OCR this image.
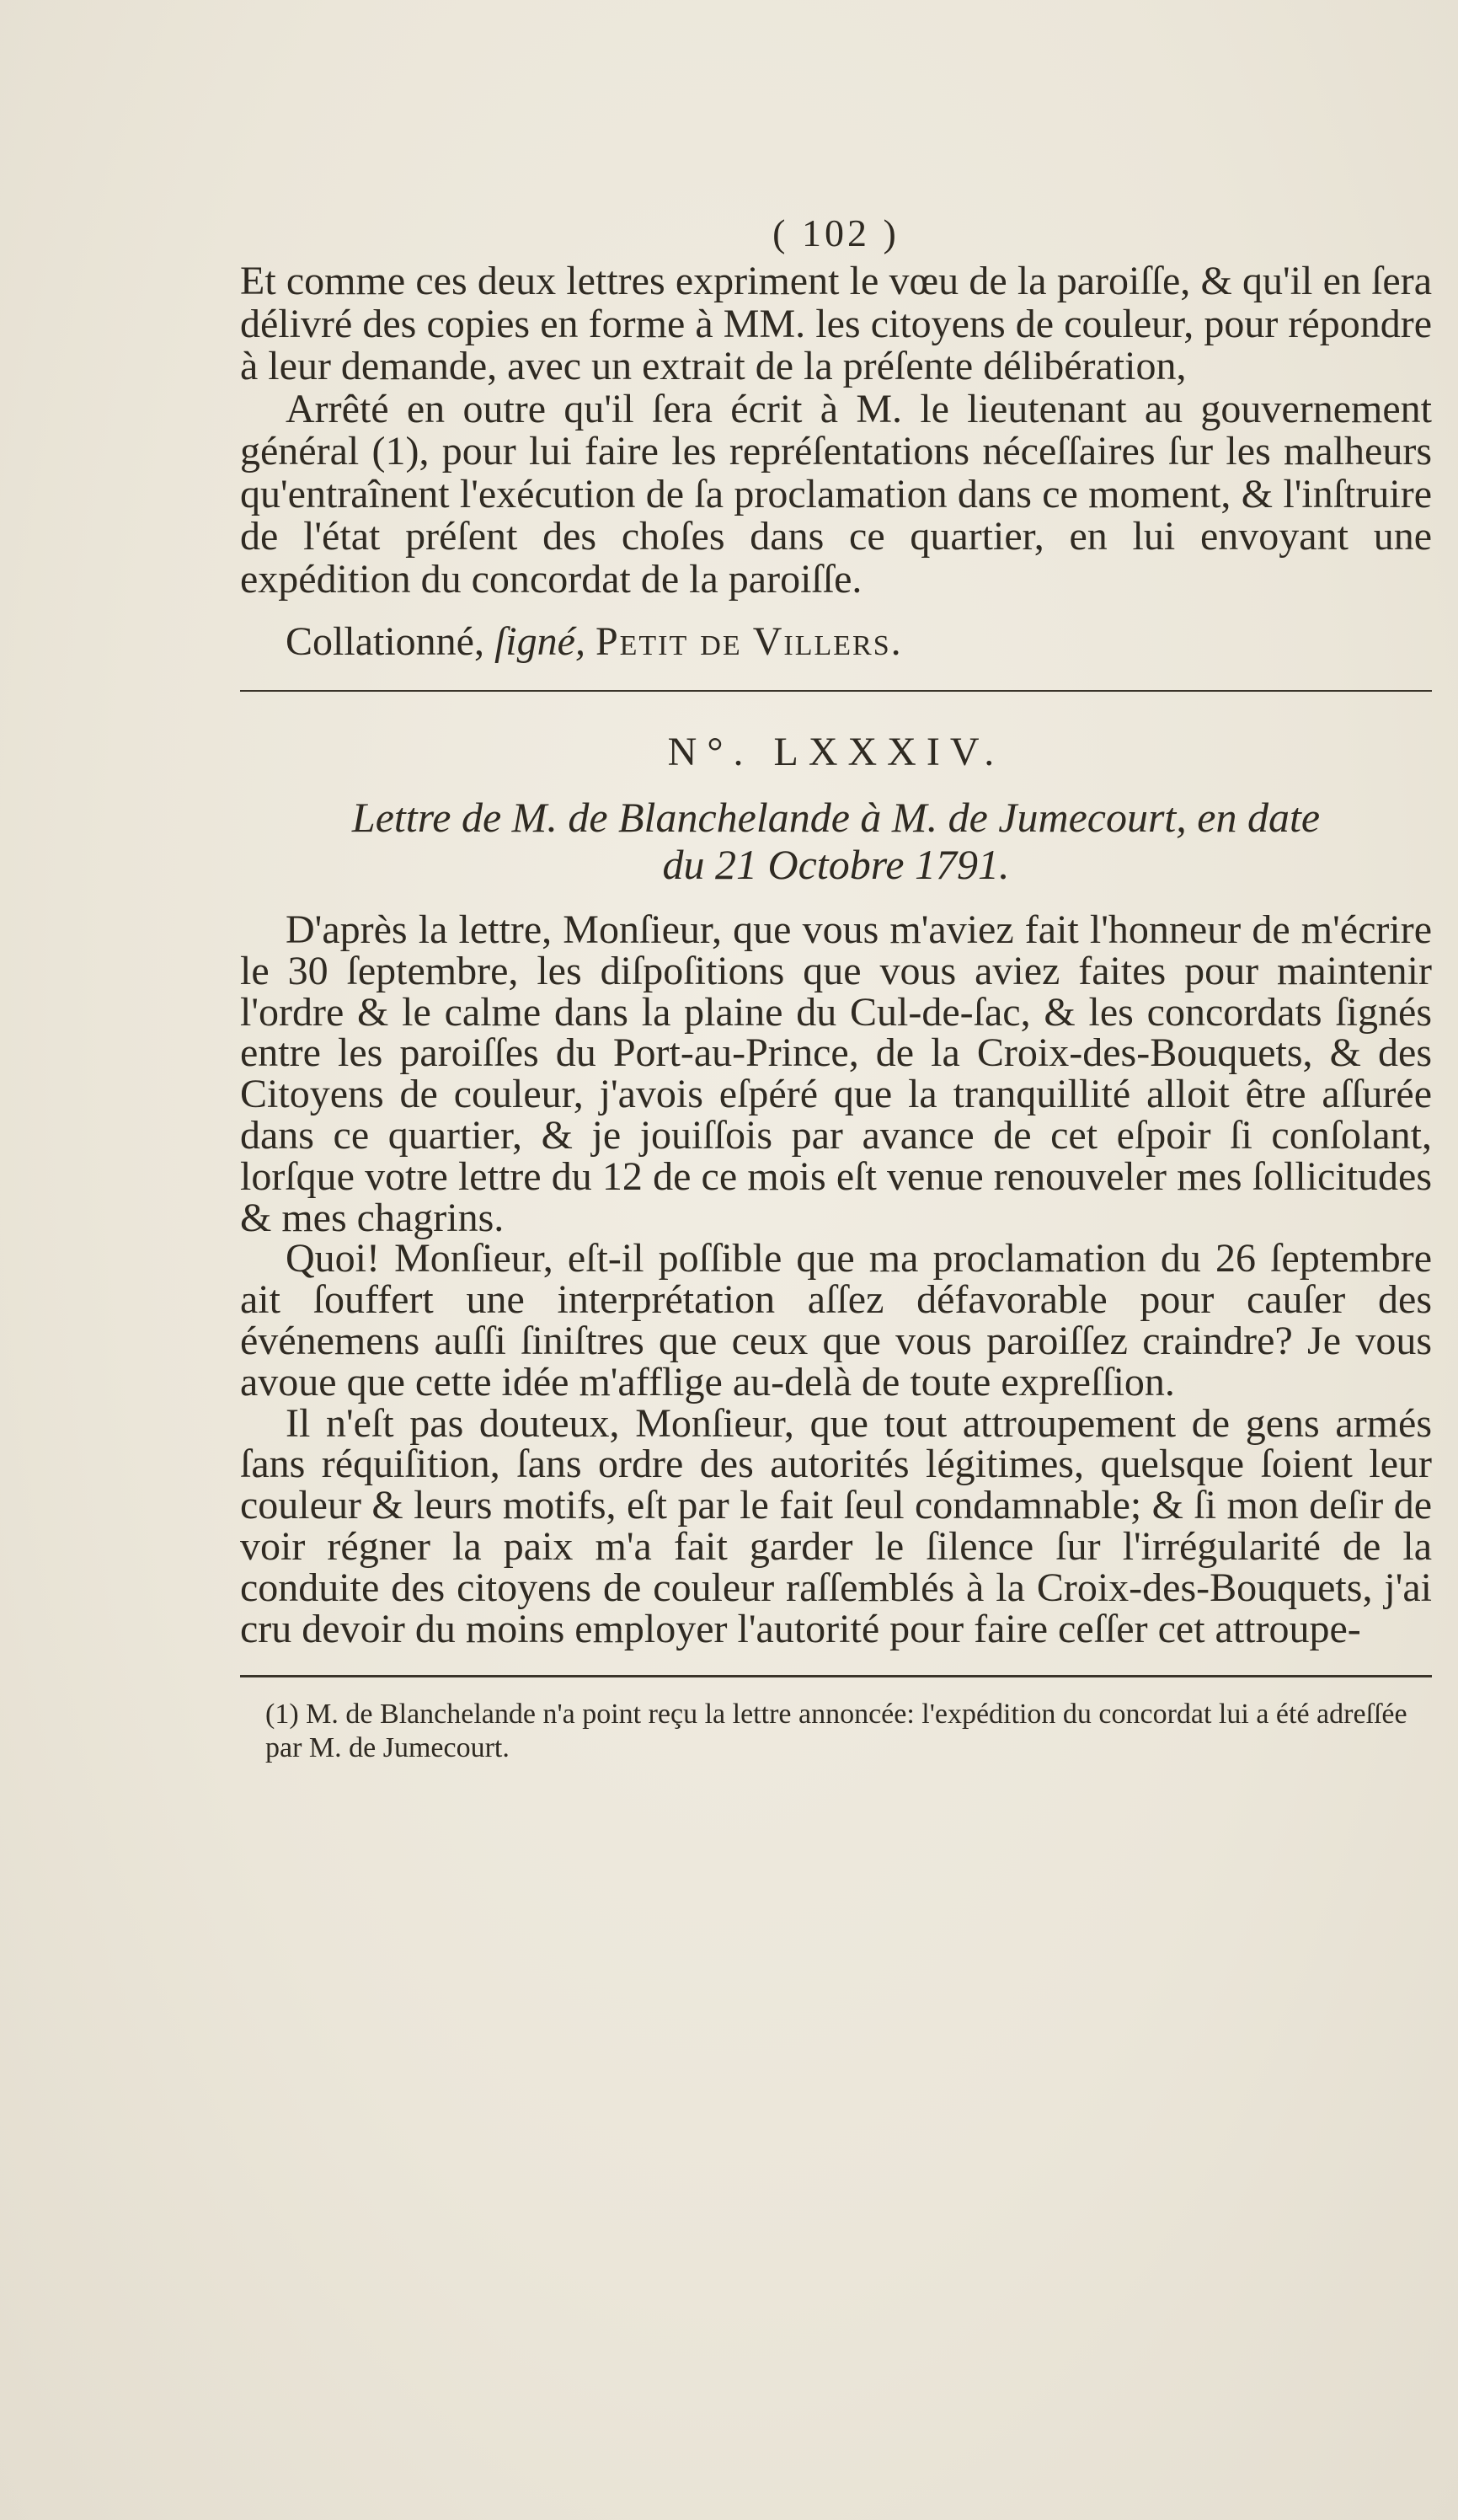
( 102 )

Et comme ces deux lettres expriment le vœu de la paroiſſe, & qu'il en ſera délivré des copies en forme à MM. les citoyens de couleur, pour répondre à leur demande, avec un extrait de la préſente délibération,

Arrêté en outre qu'il ſera écrit à M. le lieutenant au gouvernement général (1), pour lui faire les repréſentations néceſſaires ſur les malheurs qu'entraînent l'exécution de ſa proclamation dans ce moment, & l'inſtruire de l'état préſent des choſes dans ce quartier, en lui envoyant une expédition du concordat de la paroiſſe.

Collationné, ſigné, Petit de Villers.
N°. LXXXIV.
Lettre de M. de Blanchelande à M. de Jumecourt, en date
du 21 Octobre 1791.

D'après la lettre, Monſieur, que vous m'aviez fait l'honneur de m'écrire le 30 ſeptembre, les diſpoſitions que vous aviez faites pour maintenir l'ordre & le calme dans la plaine du Cul-de-ſac, & les concordats ſignés entre les paroiſſes du Port-au-Prince, de la Croix-des-Bouquets, & des Citoyens de couleur, j'avois eſpéré que la tranquillité alloit être aſſurée dans ce quartier, & je jouiſſois par avance de cet eſpoir ſi conſolant, lorſque votre lettre du 12 de ce mois eſt venue renouveler mes ſollicitudes & mes chagrins.

Quoi! Monſieur, eſt-il poſſible que ma proclamation du 26 ſeptembre ait ſouffert une interprétation aſſez défavorable pour cauſer des événemens auſſi ſiniſtres que ceux que vous paroiſſez craindre? Je vous avoue que cette idée m'afflige au-delà de toute expreſſion.

Il n'eſt pas douteux, Monſieur, que tout attroupement de gens armés ſans réquiſition, ſans ordre des autorités légitimes, quelsque ſoient leur couleur & leurs motifs, eſt par le fait ſeul condamnable; & ſi mon deſir de voir régner la paix m'a fait garder le ſilence ſur l'irrégularité de la conduite des citoyens de couleur raſſemblés à la Croix-des-Bouquets, j'ai cru devoir du moins employer l'autorité pour faire ceſſer cet attroupe-

(1) M. de Blanchelande n'a point reçu la lettre annoncée: l'expédition du concordat lui a été adreſſée par M. de Jumecourt.
